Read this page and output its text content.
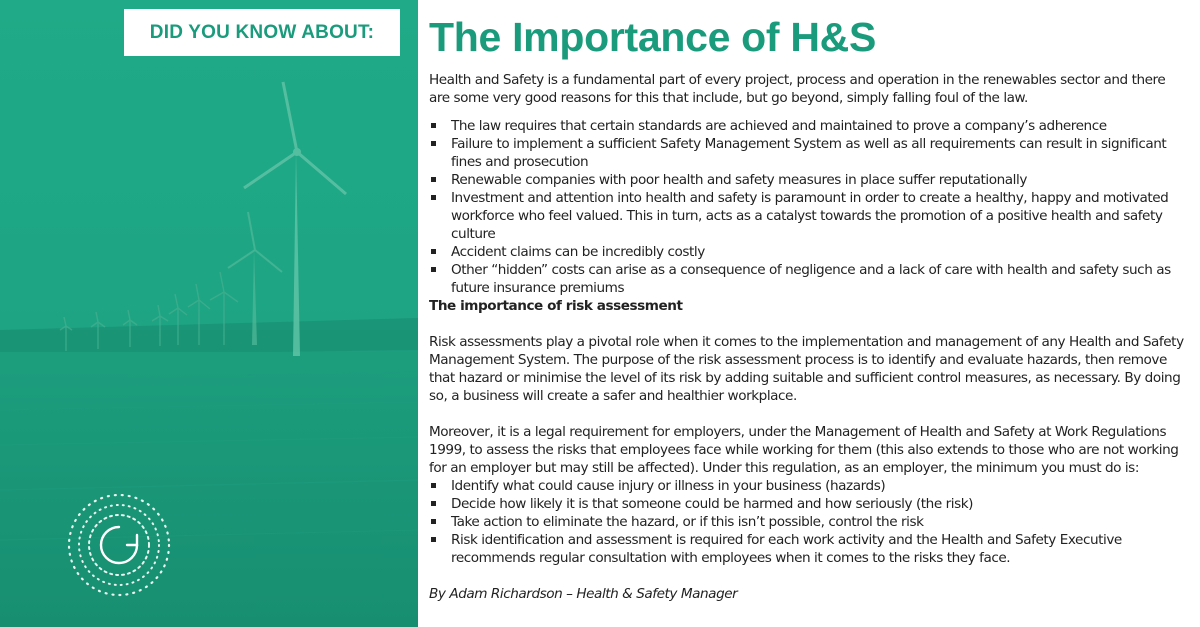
DID YOU KNOW ABOUT: The Importance of H&S

Health and Safety is a fundamental part of every project, process and operation in the renewables sector and there are some very good reasons for this that include, but go beyond, simply falling foul of the law.

The law requires that certain standards are achieved and maintained to prove a company’s adherence
Failure to implement a sufficient Safety Management System as well as all requirements can result in significant fines and prosecution
Renewable companies with poor health and safety measures in place suffer reputationally
Investment and attention into health and safety is paramount in order to create a healthy, happy and motivated workforce who feel valued. This in turn, acts as a catalyst towards the promotion of a positive health and safety culture
Accident claims can be incredibly costly
Other “hidden” costs can arise as a consequence of negligence and a lack of care with health and safety such as future insurance premiums

The importance of risk assessment

Risk assessments play a pivotal role when it comes to the implementation and management of any Health and Safety Management System. The purpose of the risk assessment process is to identify and evaluate hazards, then remove that hazard or minimise the level of its risk by adding suitable and sufficient control measures, as necessary. By doing so, a business will create a safer and healthier workplace.

Moreover, it is a legal requirement for employers, under the Management of Health and Safety at Work Regulations 1999, to assess the risks that employees face while working for them (this also extends to those who are not working for an employer but may still be affected). Under this regulation, as an employer, the minimum you must do is:

Identify what could cause injury or illness in your business (hazards)
Decide how likely it is that someone could be harmed and how seriously (the risk)
Take action to eliminate the hazard, or if this isn’t possible, control the risk
Risk identification and assessment is required for each work activity and the Health and Safety Executive recommends regular consultation with employees when it comes to the risks they face.

By Adam Richardson – Health & Safety Manager
